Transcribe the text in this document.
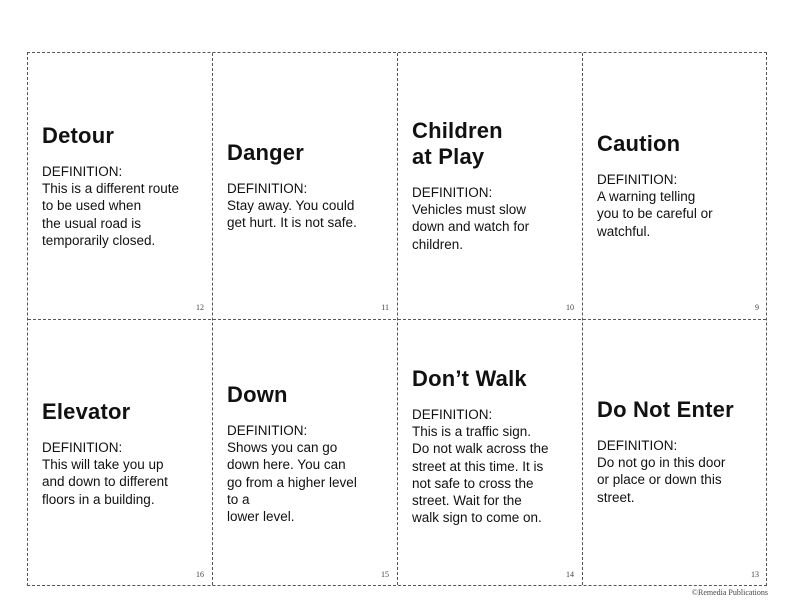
Detour
DEFINITION:
This is a different route
to be used when
the usual road is
temporarily closed.
12
Danger
DEFINITION:
Stay away. You could
get hurt. It is not safe.
11
Children
at Play
DEFINITION:
Vehicles must slow
down and watch for
children.
10
Caution
DEFINITION:
A warning telling
you to be careful or
watchful.
9
Elevator
DEFINITION:
This will take you up
and down to different
floors in a building.
16
Down
DEFINITION:
Shows you can go
down here. You can
go from a higher level
to a
lower level.
15
Don’t Walk
DEFINITION:
This is a traffic sign.
Do not walk across the
street at this time. It is
not safe to cross the
street. Wait for the
walk sign to come on.
14
Do Not Enter
DEFINITION:
Do not go in this door
or place or down this
street.
13
©Remedia Publications
